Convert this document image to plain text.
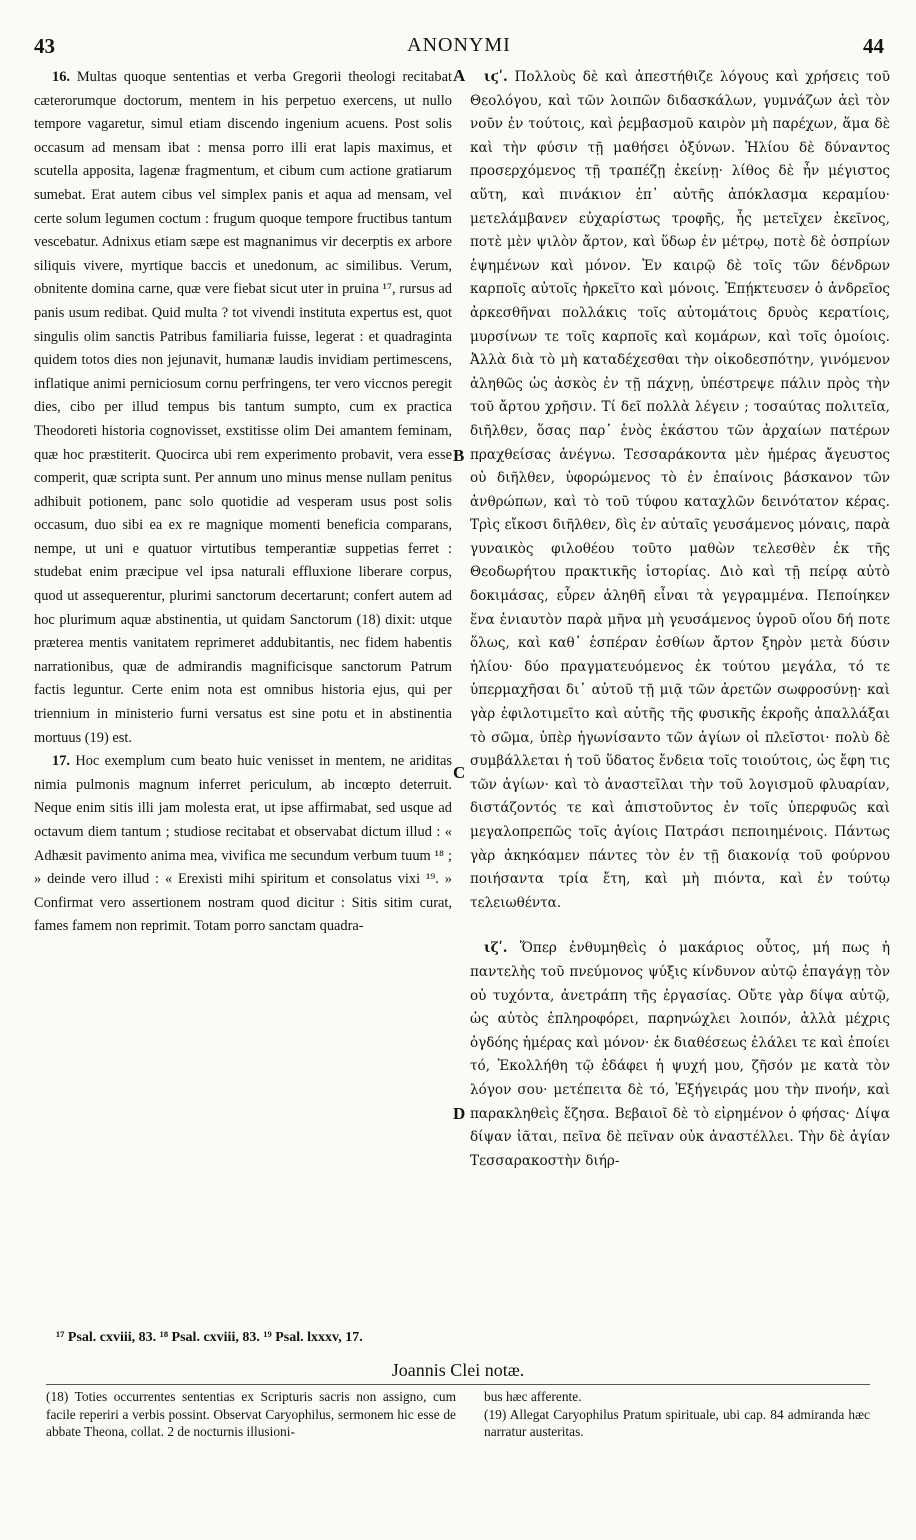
43	ANONYMI	44

16. Multas quoque sententias et verba Gregorii theologi recitabat cæterorumque doctorum, mentem in his perpetuo exercens, ut nullo tempore vagaretur, simul etiam discendo ingenium acuens. Post solis occasum ad mensam ibat : mensa porro illi erat lapis maximus, et scutella apposita, lagenæ fragmentum, et cibum cum actione gratiarum sumebat. Erat autem cibus vel simplex panis et aqua ad mensam, vel certe solum legumen coctum : frugum quoque tempore fructibus tantum vescebatur. Adnixus etiam sæpe est magnanimus vir decerptis ex arbore siliquis vivere, myrtique baccis et unedonum, ac similibus. Verum, obnitente domina carne, quæ vere fiebat sicut uter in pruina ¹⁷, rursus ad panis usum redibat. Quid multa ? tot vivendi instituta expertus est, quot singulis olim sanctis Patribus familiaria fuisse, legerat : et quadraginta quidem totos dies non jejunavit, humanæ laudis invidiam pertimescens, inflatique animi perniciosum cornu perfringens, ter vero viccnos peregit dies, cibo per illud tempus bis tantum sumpto, cum ex practica Theodoreti historia cognovisset, exstitisse olim Dei amantem feminam, quæ hoc præstiterit. Quocirca ubi rem experimento probavit, vera esse comperit, quæ scripta sunt. Per annum uno minus mense nullam penitus adhibuit potionem, panc solo quotidie ad vesperam usus post solis occasum, duo sibi ea ex re magnique momenti beneficia comparans, nempe, ut uni e quatuor virtutibus temperantiæ suppetias ferret : studebat enim præcipue vel ipsa naturali effluxione liberare corpus, quod ut assequerentur, plurimi sanctorum decertarunt; confert autem ad hoc plurimum aquæ abstinentia, ut quidam Sanctorum (18) dixit: utque præterea mentis vanitatem reprimeret addubitantis, nec fidem habentis narrationibus, quæ de admirandis magnificisque sanctorum Patrum factis leguntur. Certe enim nota est omnibus historia ejus, qui per triennium in ministerio furni versatus est sine potu et in abstinentia mortuus (19) est.

17. Hoc exemplum cum beato huic venisset in mentem, ne ariditas nimia pulmonis magnum inferret periculum, ab incœpto deterruit. Neque enim sitis illi jam molesta erat, ut ipse affirmabat, sed usque ad octavum diem tantum ; studiose recitabat et observabat dictum illud : « Adhæsit pavimento anima mea, vivifica me secundum verbum tuum ¹⁸ ; » deinde vero illud : « Erexisti mihi spiritum et consolatus vixi ¹⁹. » Confirmat vero assertionem nostram quod dicitur : Sitis sitim curat, fames famem non reprimit. Totam porro sanctam quadra-

A
B
C
D

ιϛʹ. Πολλοὺς δὲ καὶ ἀπεστήθιζε λόγους καὶ χρήσεις τοῦ Θεολόγου, καὶ τῶν λοιπῶν διδασκάλων, γυμνάζων ἀεὶ τὸν νοῦν ἐν τούτοις, καὶ ῥεμβασμοῦ καιρὸν μὴ παρέχων, ἅμα δὲ καὶ τὴν φύσιν τῇ μαθήσει ὀξύνων. Ἡλίου δὲ δύναντος προσερχόμενος τῇ τραπέζῃ ἐκείνῃ· λίθος δὲ ἦν μέγιστος αὕτη, καὶ πινάκιον ἐπ᾽ αὐτῆς ἀπόκλασμα κεραμίου· μετελάμβανεν εὐχαρίστως τροφῆς, ἧς μετεῖχεν ἐκεῖνος, ποτὲ μὲν ψιλὸν ἄρτον, καὶ ὕδωρ ἐν μέτρῳ, ποτὲ δὲ ὀσπρίων ἑψημένων καὶ μόνον. Ἐν καιρῷ δὲ τοῖς τῶν δένδρων καρποῖς αὐτοῖς ἠρκεῖτο καὶ μόνοις. Ἐπῄκτευσεν ὁ ἀνδρεῖος ἀρκεσθῆναι πολλάκις τοῖς αὐτομάτοις δρυὸς κερατίοις, μυρσίνων τε τοῖς καρποῖς καὶ κομάρων, καὶ τοῖς ὁμοίοις. Ἀλλὰ διὰ τὸ μὴ καταδέχεσθαι τὴν οἰκοδεσπότην, γινόμενον ἀληθῶς ὡς ἀσκὸς ἐν τῇ πάχνῃ, ὑπέστρεψε πάλιν πρὸς τὴν τοῦ ἄρτου χρῆσιν. Τί δεῖ πολλὰ λέγειν ; τοσαύτας πολιτεῖα, διῆλθεν, ὅσας παρ᾽ ἑνὸς ἑκάστου τῶν ἀρχαίων πατέρων πραχθείσας ἀνέγνω. Τεσσαράκοντα μὲν ἡμέρας ἄγευστος οὐ διῆλθεν, ὑφορώμενος τὸ ἐν ἐπαίνοις βάσκανον τῶν ἀνθρώπων, καὶ τὸ τοῦ τύφου καταχλῶν δεινότατον κέρας. Τρὶς εἴκοσι διῆλθεν, δὶς ἐν αὐταῖς γευσάμενος μόναις, παρὰ γυναικὸς φιλοθέου τοῦτο μαθὼν τελεσθὲν ἐκ τῆς Θεοδωρήτου πρακτικῆς ἱστορίας. Διὸ καὶ τῇ πείρᾳ αὐτὸ δοκιμάσας, εὗρεν ἀληθῆ εἶναι τὰ γεγραμμένα. Πεποίηκεν ἕνα ἐνιαυτὸν παρὰ μῆνα μὴ γευσάμενος ὑγροῦ οἵου δή ποτε ὅλως, καὶ καθ᾽ ἑσπέραν ἐσθίων ἄρτον ξηρὸν μετὰ δύσιν ἡλίου· δύο πραγματευόμενος ἐκ τούτου μεγάλα, τό τε ὑπερμαχῆσαι δι᾽ αὐτοῦ τῇ μιᾷ τῶν ἀρετῶν σωφροσύνῃ· καὶ γὰρ ἐφιλοτιμεῖτο καὶ αὐτῆς τῆς φυσικῆς ἐκροῆς ἀπαλλάξαι τὸ σῶμα, ὑπὲρ ἠγωνίσαντο τῶν ἁγίων οἱ πλεῖστοι· πολὺ δὲ συμβάλλεται ἡ τοῦ ὕδατος ἔνδεια τοῖς τοιούτοις, ὡς ἔφη τις τῶν ἁγίων· καὶ τὸ ἀναστεῖλαι τὴν τοῦ λογισμοῦ φλυαρίαν, διστάζοντός τε καὶ ἀπιστοῦντος ἐν τοῖς ὑπερφυῶς καὶ μεγαλοπρεπῶς τοῖς ἁγίοις Πατράσι πεποιημένοις. Πάντως γὰρ ἀκηκόαμεν πάντες τὸν ἐν τῇ διακονίᾳ τοῦ φούρνου ποιήσαντα τρία ἔτη, καὶ μὴ πιόντα, καὶ ἐν τούτῳ τελειωθέντα.

ιζʹ. Ὅπερ ἐνθυμηθεὶς ὁ μακάριος οὗτος, μή πως ἡ παντελὴς τοῦ πνεύμονος ψύξις κίνδυνον αὐτῷ ἐπαγάγῃ τὸν οὐ τυχόντα, ἀνετράπη τῆς ἐργασίας. Οὔτε γὰρ δίψα αὐτῷ, ὡς αὐτὸς ἐπληροφόρει, παρηνώχλει λοιπόν, ἀλλὰ μέχρις ὀγδόης ἡμέρας καὶ μόνον· ἐκ διαθέσεως ἐλάλει τε καὶ ἐποίει τό, Ἐκολλήθη τῷ ἐδάφει ἡ ψυχή μου, ζῆσόν με κατὰ τὸν λόγον σου· μετέπειτα δὲ τό, Ἐξήγειράς μου τὴν πνοήν, καὶ παρακληθεὶς ἔζησα. Βεβαιοῖ δὲ τὸ εἰρημένον ὁ φήσας· Δίψα δίψαν ἰᾶται, πεῖνα δὲ πεῖναν οὐκ ἀναστέλλει. Τὴν δὲ ἁγίαν Τεσσαρακοστὴν διήρ-

¹⁷ Psal. cxviii, 83. ¹⁸ Psal. cxviii, 83. ¹⁹ Psal. lxxxv, 17.
Joannis Clei notæ.

(18) Toties occurrentes sententias ex Scripturis sacris non assigno, cum facile reperiri a verbis possint. Observat Caryophilus, sermonem hic esse de abbate Theona, collat. 2 de nocturnis illusioni-

bus hæc afferente.

(19) Allegat Caryophilus Pratum spirituale, ubi cap. 84 admiranda hæc narratur austeritas.
